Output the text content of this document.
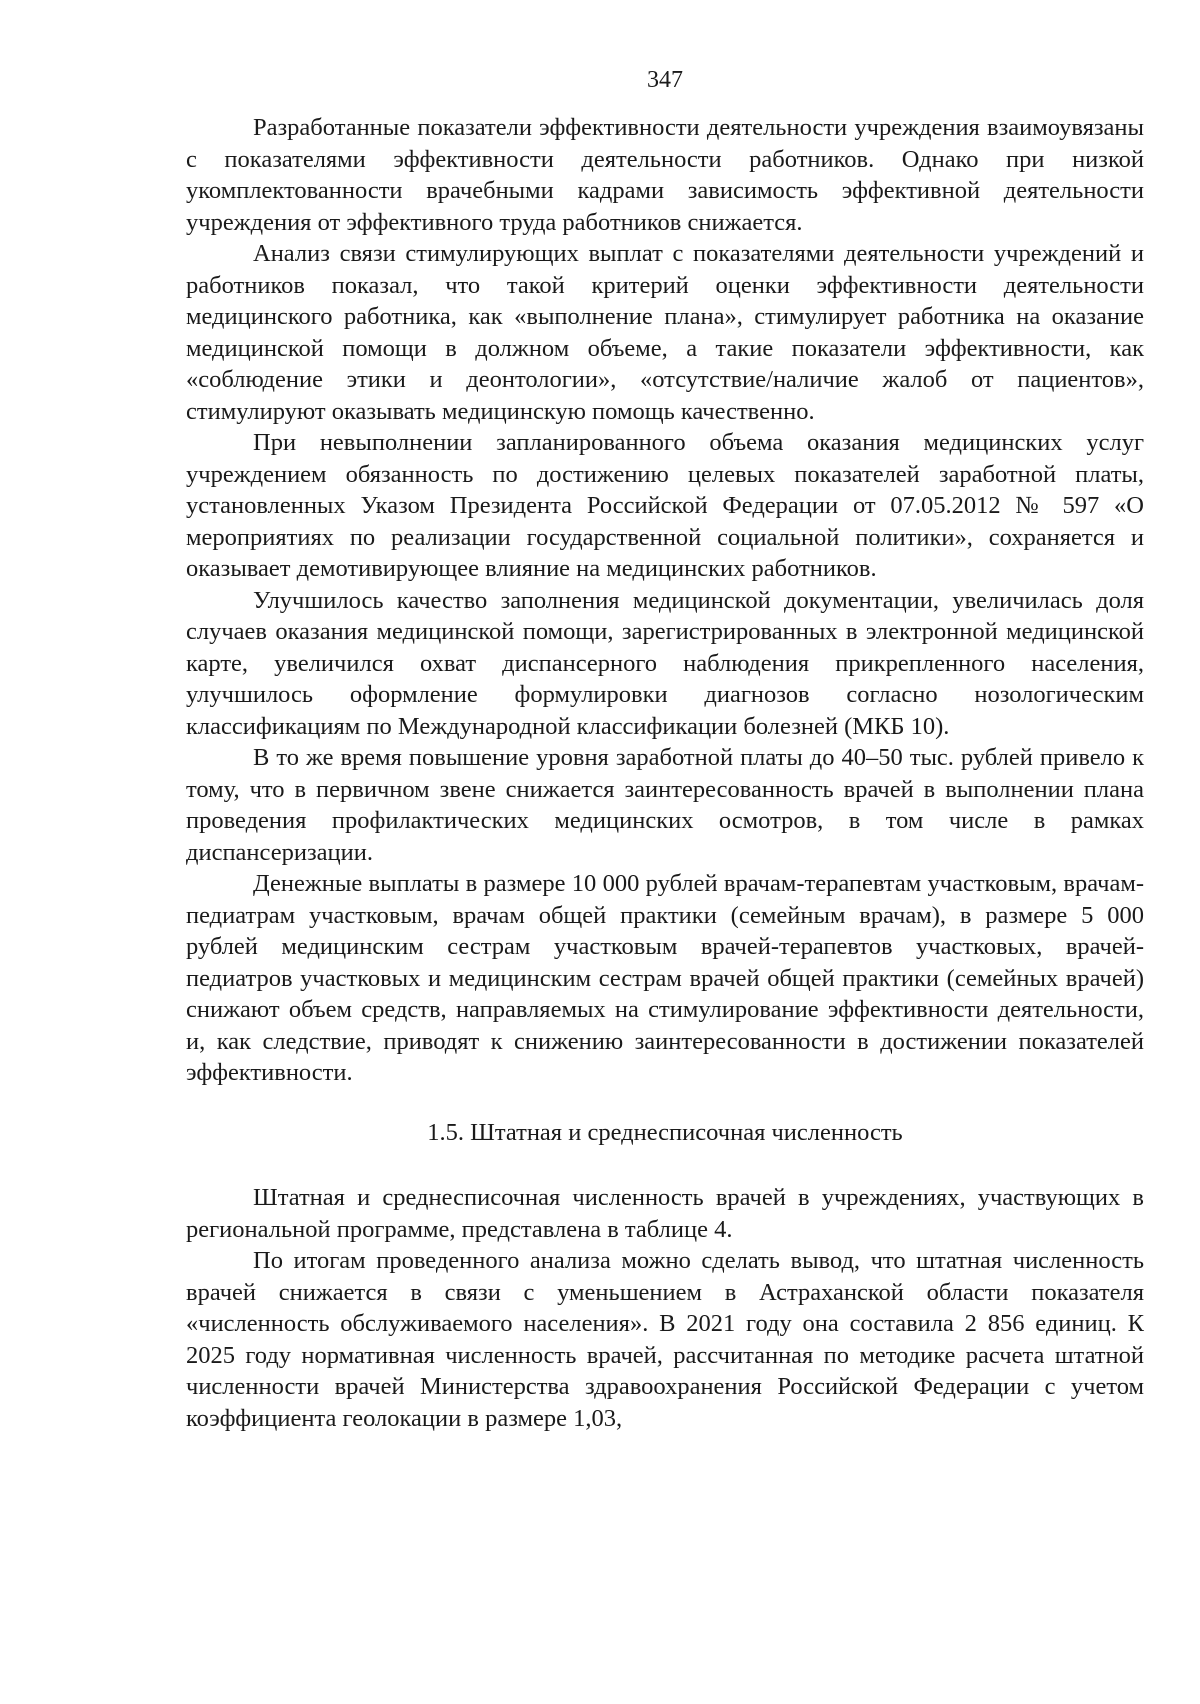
347

Разработанные показатели эффективности деятельности учреждения взаимоувязаны с показателями эффективности деятельности работников. Однако при низкой укомплектованности врачебными кадрами зависимость эффективной деятельности учреждения от эффективного труда работников снижается.

Анализ связи стимулирующих выплат с показателями деятельности учреждений и работников показал, что такой критерий оценки эффективности деятельности медицинского работника, как «выполнение плана», стимулирует работника на оказание медицинской помощи в должном объеме, а такие показатели эффективности, как «соблюдение этики и деонтологии», «отсутствие/наличие жалоб от пациентов», стимулируют оказывать медицинскую помощь качественно.

При невыполнении запланированного объема оказания медицинских услуг учреждением обязанность по достижению целевых показателей заработной платы, установленных Указом Президента Российской Федерации от 07.05.2012 № 597 «О мероприятиях по реализации государственной социальной политики», сохраняется и оказывает демотивирующее влияние на медицинских работников.

Улучшилось качество заполнения медицинской документации, увеличилась доля случаев оказания медицинской помощи, зарегистрированных в электронной медицинской карте, увеличился охват диспансерного наблюдения прикрепленного населения, улучшилось оформление формулировки диагнозов согласно нозологическим классификациям по Международной классификации болезней (МКБ 10).

В то же время повышение уровня заработной платы до 40–50 тыс. рублей привело к тому, что в первичном звене снижается заинтересованность врачей в выполнении плана проведения профилактических медицинских осмотров, в том числе в рамках диспансеризации.

Денежные выплаты в размере 10 000 рублей врачам-терапевтам участковым, врачам-педиатрам участковым, врачам общей практики (семейным врачам), в размере 5 000 рублей медицинским сестрам участковым врачей-терапевтов участковых, врачей-педиатров участковых и медицинским сестрам врачей общей практики (семейных врачей) снижают объем средств, направляемых на стимулирование эффективности деятельности, и, как следствие, приводят к снижению заинтересованности в достижении показателей эффективности.

1.5. Штатная и среднесписочная численность

Штатная и среднесписочная численность врачей в учреждениях, участвующих в региональной программе, представлена в таблице 4.

По итогам проведенного анализа можно сделать вывод, что штатная численность врачей снижается в связи с уменьшением в Астраханской области показателя «численность обслуживаемого населения». В 2021 году она составила 2 856 единиц. К 2025 году нормативная численность врачей, рассчитанная по методике расчета штатной численности врачей Министерства здравоохранения Российской Федерации с учетом коэффициента геолокации в размере 1,03,
